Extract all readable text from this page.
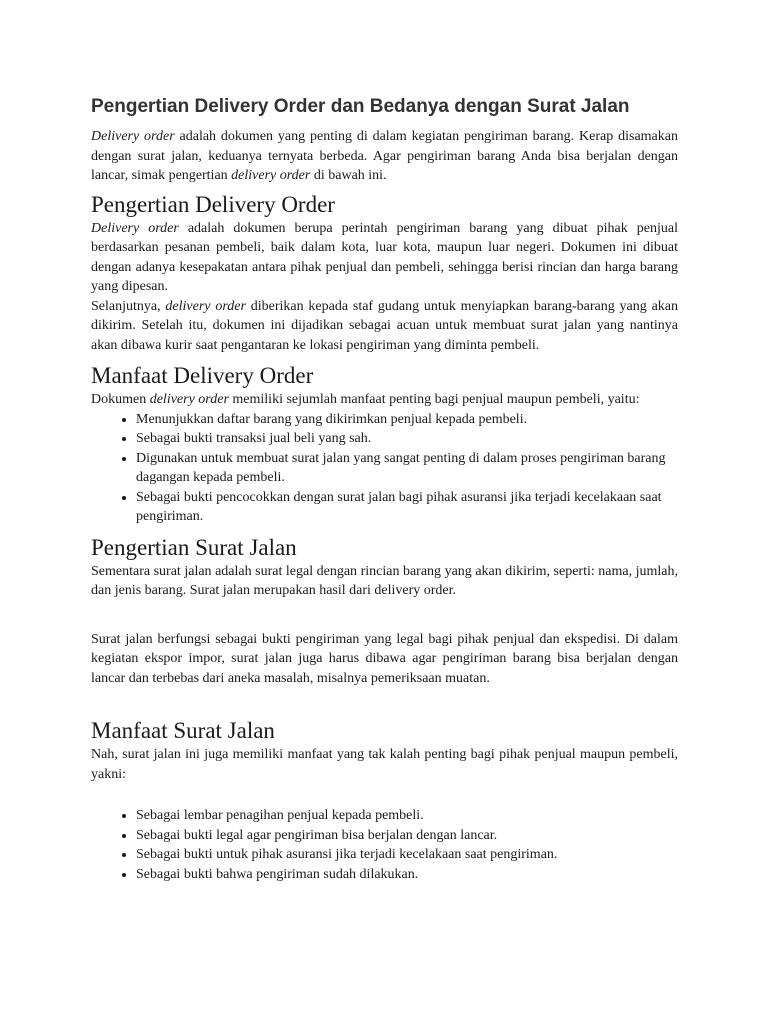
Pengertian Delivery Order dan Bedanya dengan Surat Jalan

Delivery order adalah dokumen yang penting di dalam kegiatan pengiriman barang. Kerap disamakan dengan surat jalan, keduanya ternyata berbeda. Agar pengiriman barang Anda bisa berjalan dengan lancar, simak pengertian delivery order di bawah ini.

Pengertian Delivery Order

Delivery order adalah dokumen berupa perintah pengiriman barang yang dibuat pihak penjual berdasarkan pesanan pembeli, baik dalam kota, luar kota, maupun luar negeri. Dokumen ini dibuat dengan adanya kesepakatan antara pihak penjual dan pembeli, sehingga berisi rincian dan harga barang yang dipesan.

Selanjutnya, delivery order diberikan kepada staf gudang untuk menyiapkan barang-barang yang akan dikirim. Setelah itu, dokumen ini dijadikan sebagai acuan untuk membuat surat jalan yang nantinya akan dibawa kurir saat pengantaran ke lokasi pengiriman yang diminta pembeli.

Manfaat Delivery Order

Dokumen delivery order memiliki sejumlah manfaat penting bagi penjual maupun pembeli, yaitu:

• Menunjukkan daftar barang yang dikirimkan penjual kepada pembeli.
• Sebagai bukti transaksi jual beli yang sah.
• Digunakan untuk membuat surat jalan yang sangat penting di dalam proses pengiriman barang dagangan kepada pembeli.
• Sebagai bukti pencocokkan dengan surat jalan bagi pihak asuransi jika terjadi kecelakaan saat pengiriman.
Pengertian Surat Jalan

Sementara surat jalan adalah surat legal dengan rincian barang yang akan dikirim, seperti: nama, jumlah, dan jenis barang. Surat jalan merupakan hasil dari delivery order.

Surat jalan berfungsi sebagai bukti pengiriman yang legal bagi pihak penjual dan ekspedisi. Di dalam kegiatan ekspor impor, surat jalan juga harus dibawa agar pengiriman barang bisa berjalan dengan lancar dan terbebas dari aneka masalah, misalnya pemeriksaan muatan.

Manfaat Surat Jalan

Nah, surat jalan ini juga memiliki manfaat yang tak kalah penting bagi pihak penjual maupun pembeli, yakni:

• Sebagai lembar penagihan penjual kepada pembeli.
• Sebagai bukti legal agar pengiriman bisa berjalan dengan lancar.
• Sebagai bukti untuk pihak asuransi jika terjadi kecelakaan saat pengiriman.
• Sebagai bukti bahwa pengiriman sudah dilakukan.
